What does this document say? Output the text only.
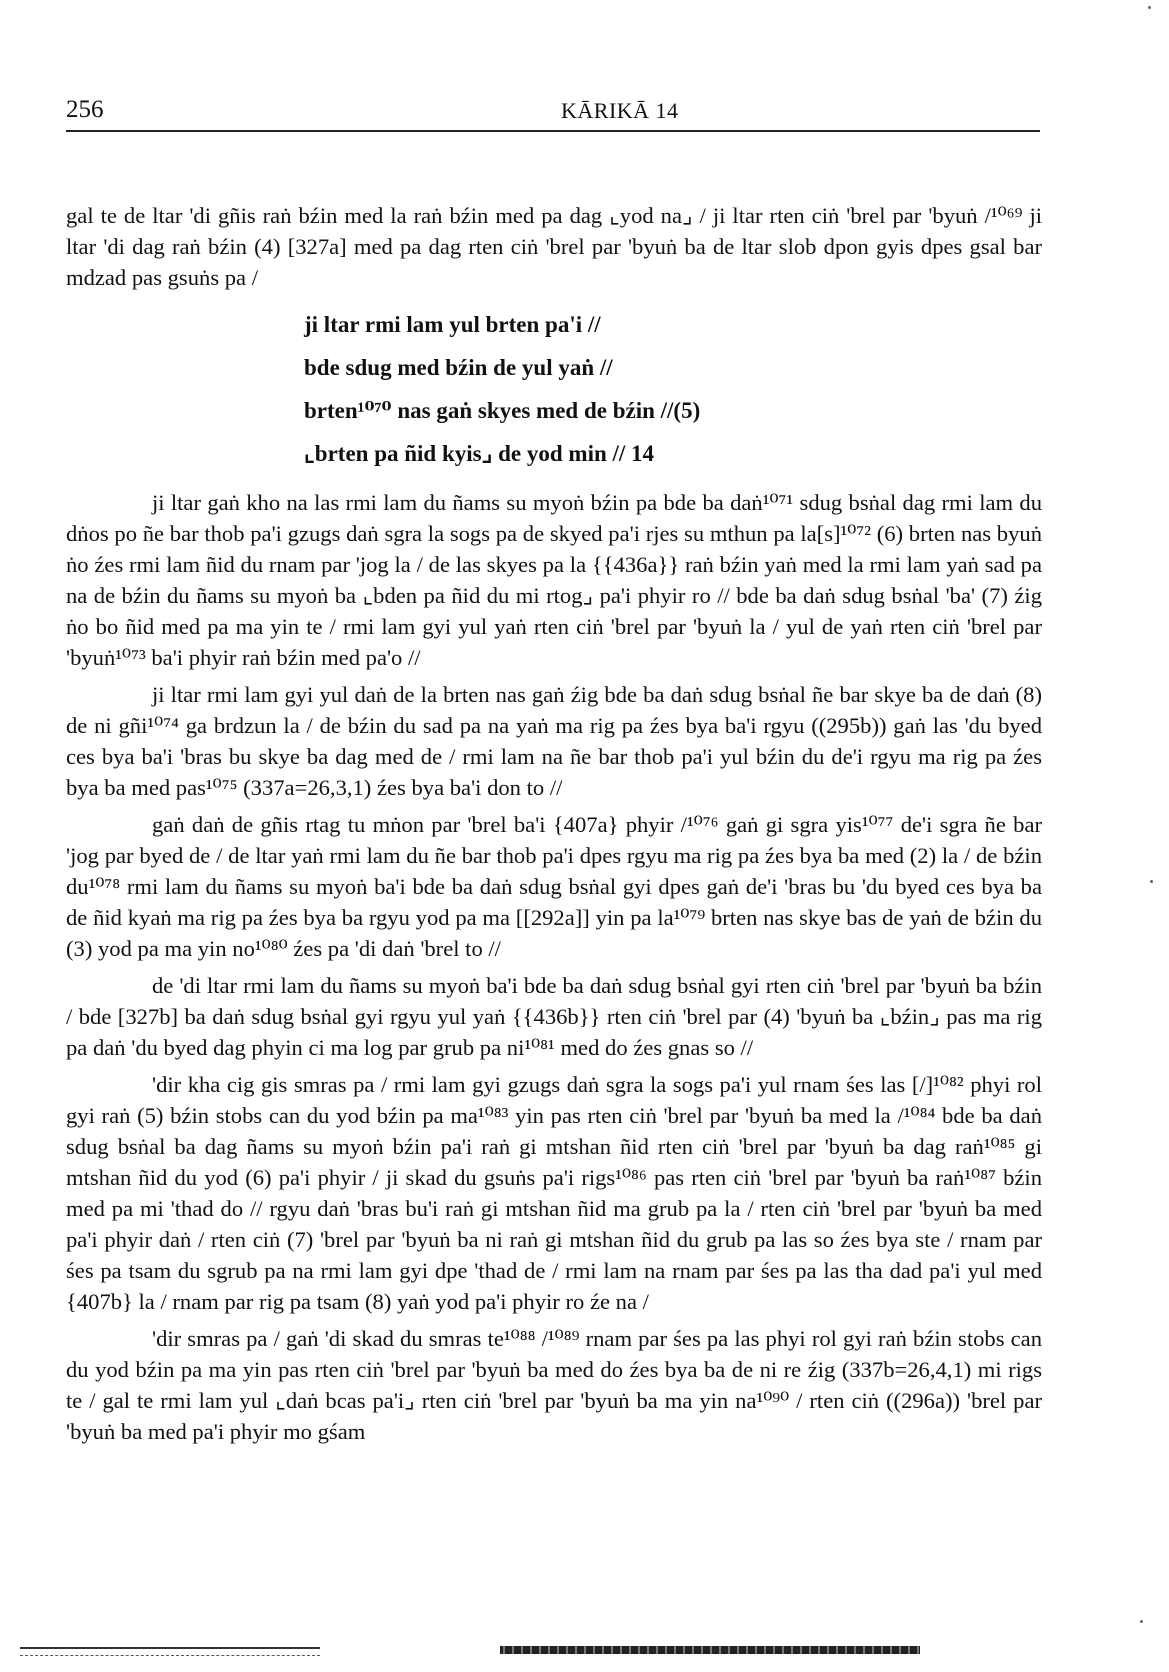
256	KĀRIKĀ 14

gal te de ltar 'di gñis raṅ bźin med la raṅ bźin med pa dag ⌞yod na⌟ / ji ltar rten ciṅ 'brel par 'byuṅ /¹⁰⁶⁹ ji ltar 'di dag raṅ bźin (4) [327a] med pa dag rten ciṅ 'brel par 'byuṅ ba de ltar slob dpon gyis dpes gsal bar mdzad pas gsuṅs pa /

ji ltar rmi lam yul brten pa'i //
bde sdug med bźin de yul yaṅ //
brten¹⁰⁷⁰ nas gaṅ skyes med de bźin //(5)
⌞brten pa ñid kyis⌟ de yod min // 14

ji ltar gaṅ kho na las rmi lam du ñams su myoṅ bźin pa bde ba daṅ¹⁰⁷¹ sdug bsṅal dag rmi lam du dṅos po ñe bar thob pa'i gzugs daṅ sgra la sogs pa de skyed pa'i rjes su mthun pa la[s]¹⁰⁷² (6) brten nas byuṅ ṅo źes rmi lam ñid du rnam par 'jog la / de las skyes pa la {{436a}} raṅ bźin yaṅ med la rmi lam yaṅ sad pa na de bźin du ñams su myoṅ ba ⌞bden pa ñid du mi rtog⌟ pa'i phyir ro // bde ba daṅ sdug bsṅal 'ba' (7) źig ṅo bo ñid med pa ma yin te / rmi lam gyi yul yaṅ rten ciṅ 'brel par 'byuṅ la / yul de yaṅ rten ciṅ 'brel par 'byuṅ¹⁰⁷³ ba'i phyir raṅ bźin med pa'o //

ji ltar rmi lam gyi yul daṅ de la brten nas gaṅ źig bde ba daṅ sdug bsṅal ñe bar skye ba de daṅ (8) de ni gñi¹⁰⁷⁴ ga brdzun la / de bźin du sad pa na yaṅ ma rig pa źes bya ba'i rgyu ((295b)) gaṅ las 'du byed ces bya ba'i 'bras bu skye ba dag med de / rmi lam na ñe bar thob pa'i yul bźin du de'i rgyu ma rig pa źes bya ba med pas¹⁰⁷⁵ (337a=26,3,1) źes bya ba'i don to //

gaṅ daṅ de gñis rtag tu mṅon par 'brel ba'i {407a} phyir /¹⁰⁷⁶ gaṅ gi sgra yis¹⁰⁷⁷ de'i sgra ñe bar 'jog par byed de / de ltar yaṅ rmi lam du ñe bar thob pa'i dpes rgyu ma rig pa źes bya ba med (2) la / de bźin du¹⁰⁷⁸ rmi lam du ñams su myoṅ ba'i bde ba daṅ sdug bsṅal gyi dpes gaṅ de'i 'bras bu 'du byed ces bya ba de ñid kyaṅ ma rig pa źes bya ba rgyu yod pa ma [[292a]] yin pa la¹⁰⁷⁹ brten nas skye bas de yaṅ de bźin du (3) yod pa ma yin no¹⁰⁸⁰ źes pa 'di daṅ 'brel to //

de 'di ltar rmi lam du ñams su myoṅ ba'i bde ba daṅ sdug bsṅal gyi rten ciṅ 'brel par 'byuṅ ba bźin / bde [327b] ba daṅ sdug bsṅal gyi rgyu yul yaṅ {{436b}} rten ciṅ 'brel par (4) 'byuṅ ba ⌞bźin⌟ pas ma rig pa daṅ 'du byed dag phyin ci ma log par grub pa ni¹⁰⁸¹ med do źes gnas so //

'dir kha cig gis smras pa / rmi lam gyi gzugs daṅ sgra la sogs pa'i yul rnam śes las [/]¹⁰⁸² phyi rol gyi raṅ (5) bźin stobs can du yod bźin pa ma¹⁰⁸³ yin pas rten ciṅ 'brel par 'byuṅ ba med la /¹⁰⁸⁴ bde ba daṅ sdug bsṅal ba dag ñams su myoṅ bźin pa'i raṅ gi mtshan ñid rten ciṅ 'brel par 'byuṅ ba dag raṅ¹⁰⁸⁵ gi mtshan ñid du yod (6) pa'i phyir / ji skad du gsuṅs pa'i rigs¹⁰⁸⁶ pas rten ciṅ 'brel par 'byuṅ ba raṅ¹⁰⁸⁷ bźin med pa mi 'thad do // rgyu daṅ 'bras bu'i raṅ gi mtshan ñid ma grub pa la / rten ciṅ 'brel par 'byuṅ ba med pa'i phyir daṅ / rten ciṅ (7) 'brel par 'byuṅ ba ni raṅ gi mtshan ñid du grub pa las so źes bya ste / rnam par śes pa tsam du sgrub pa na rmi lam gyi dpe 'thad de / rmi lam na rnam par śes pa las tha dad pa'i yul med {407b} la / rnam par rig pa tsam (8) yaṅ yod pa'i phyir ro źe na /

'dir smras pa / gaṅ 'di skad du smras te¹⁰⁸⁸ /¹⁰⁸⁹ rnam par śes pa las phyi rol gyi raṅ bźin stobs can du yod bźin pa ma yin pas rten ciṅ 'brel par 'byuṅ ba med do źes bya ba de ni re źig (337b=26,4,1) mi rigs te / gal te rmi lam yul ⌞daṅ bcas pa'i⌟ rten ciṅ 'brel par 'byuṅ ba ma yin na¹⁰⁹⁰ / rten ciṅ ((296a)) 'brel par 'byuṅ ba med pa'i phyir mo gśam
